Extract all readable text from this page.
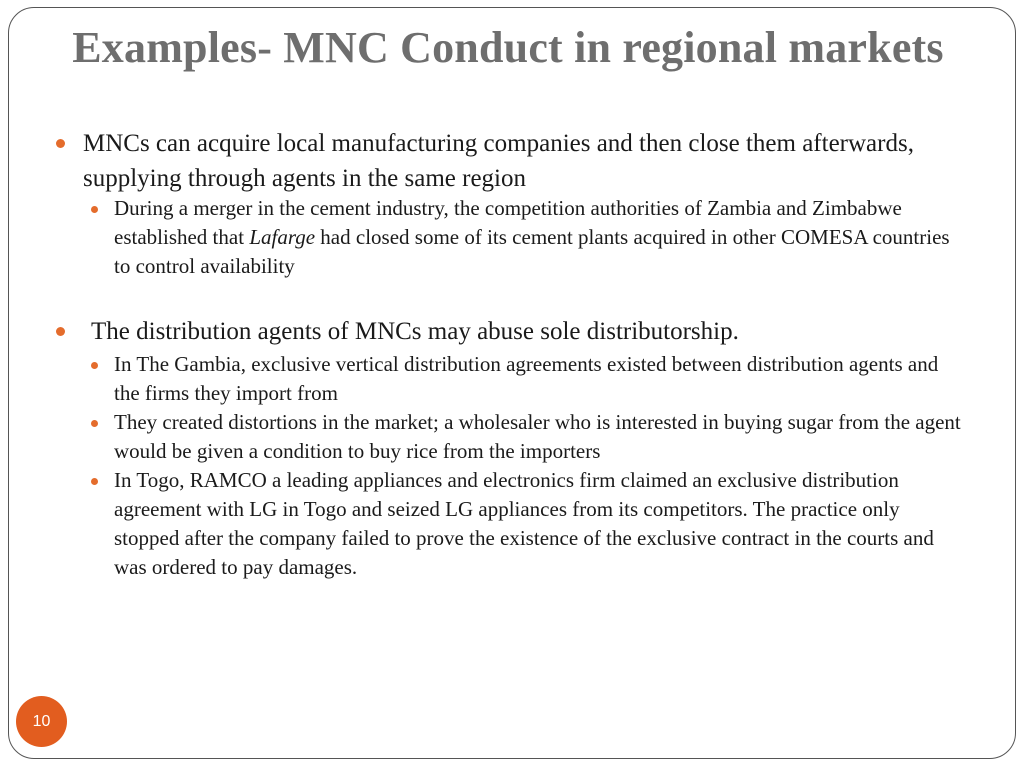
Examples- MNC Conduct in regional markets
MNCs can acquire local manufacturing companies and then close them afterwards, supplying through agents in the same region
During a merger in the cement industry, the competition authorities of Zambia and Zimbabwe established that Lafarge had closed some of its cement plants acquired in other COMESA countries to control availability
The distribution agents of MNCs may abuse sole distributorship.
In The Gambia, exclusive vertical distribution agreements existed between distribution agents and the firms they import from
They created distortions in the market; a wholesaler who is interested in buying sugar from the agent would be given a condition to buy rice from the importers
In Togo, RAMCO a leading appliances and electronics firm claimed an exclusive distribution agreement with LG in Togo and seized LG appliances from its competitors. The practice only stopped after the company failed to prove the existence of the exclusive contract in the courts and was ordered to pay damages.
10
